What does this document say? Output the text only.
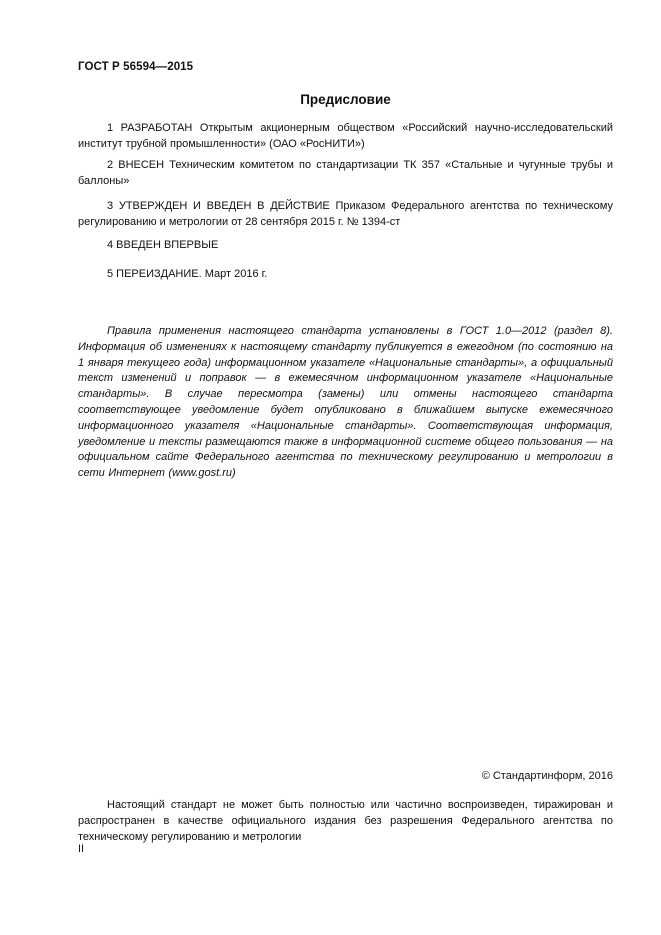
ГОСТ Р 56594—2015
Предисловие

1 РАЗРАБОТАН Открытым акционерным обществом «Российский научно-исследовательский институт трубной промышленности» (ОАО «РосНИТИ»)

2 ВНЕСЕН Техническим комитетом по стандартизации ТК 357 «Стальные и чугунные трубы и баллоны»

3 УТВЕРЖДЕН И ВВЕДЕН В ДЕЙСТВИЕ Приказом Федерального агентства по техническому регулированию и метрологии от 28 сентября 2015 г. № 1394-ст

4 ВВЕДЕН ВПЕРВЫЕ

5 ПЕРЕИЗДАНИЕ. Март 2016 г.

Правила применения настоящего стандарта установлены в ГОСТ 1.0—2012 (раздел 8). Информация об изменениях к настоящему стандарту публикуется в ежегодном (по состоянию на 1 января текущего года) информационном указателе «Национальные стандарты», а официальный текст изменений и поправок — в ежемесячном информационном указателе «Национальные стандарты». В случае пересмотра (замены) или отмены настоящего стандарта соответствующее уведомление будет опубликовано в ближайшем выпуске ежемесячного информационного указателя «Национальные стандарты». Соответствующая информация, уведомление и тексты размещаются также в информационной системе общего пользования — на официальном сайте Федерального агентства по техническому регулированию и метрологии в сети Интернет (www.gost.ru)

© Стандартинформ, 2016

Настоящий стандарт не может быть полностью или частично воспроизведен, тиражирован и распространен в качестве официального издания без разрешения Федерального агентства по техническому регулированию и метрологии

II
